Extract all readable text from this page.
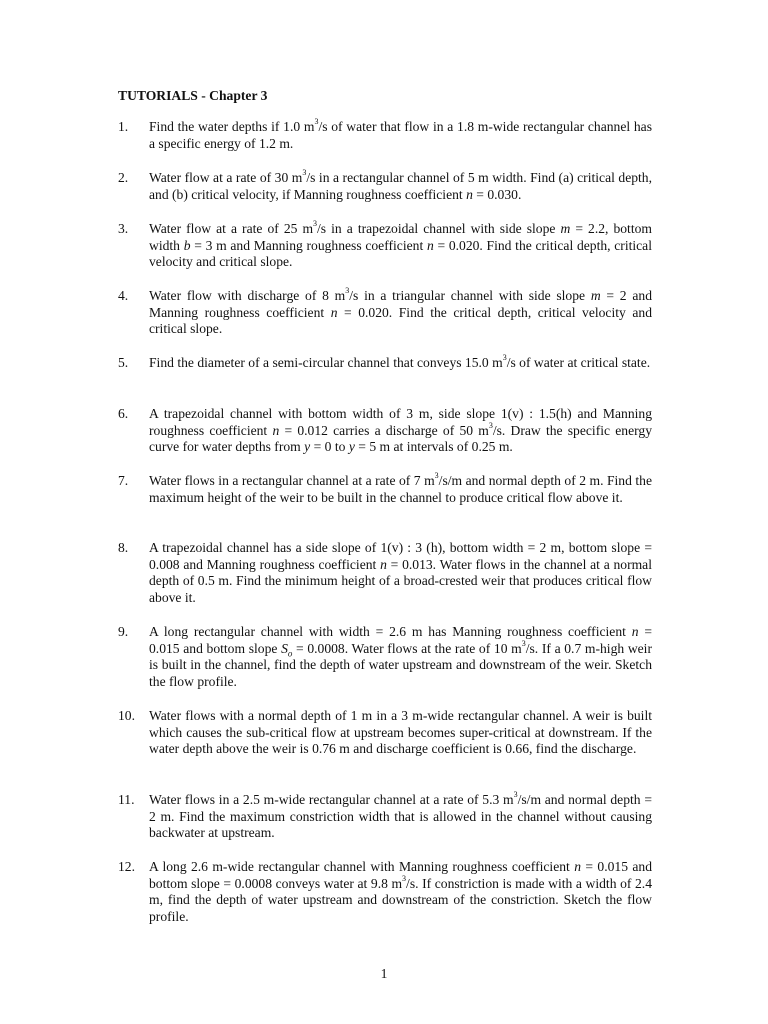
TUTORIALS - Chapter 3
1.	Find the water depths if 1.0 $m^3/s$ of water that flow in a 1.8 m-wide rectangular channel has a specific energy of 1.2 m.
2.	Water flow at a rate of 30 $m^3/s$ in a rectangular channel of 5 m width. Find (a) critical depth, and (b) critical velocity, if Manning roughness coefficient n = 0.030.
3.	Water flow at a rate of 25 $m^3/s$ in a trapezoidal channel with side slope m = 2.2, bottom width b = 3 m and Manning roughness coefficient n = 0.020. Find the critical depth, critical velocity and critical slope.
4.	Water flow with discharge of 8 $m^3/s$ in a triangular channel with side slope m = 2 and Manning roughness coefficient n = 0.020. Find the critical depth, critical velocity and critical slope.
5.	Find the diameter of a semi-circular channel that conveys 15.0 $m^3/s$ of water at critical state.
6.	A trapezoidal channel with bottom width of 3 m, side slope 1(v) : 1.5(h) and Manning roughness coefficient n = 0.012 carries a discharge of 50 $m^3/s$. Draw the specific energy curve for water depths from y = 0 to y = 5 m at intervals of 0.25 m.
7.	Water flows in a rectangular channel at a rate of 7 $m^3/s/m$ and normal depth of 2 m. Find the maximum height of the weir to be built in the channel to produce critical flow above it.
8.	A trapezoidal channel has a side slope of 1(v) : 3 (h), bottom width = 2 m, bottom slope = 0.008 and Manning roughness coefficient n = 0.013. Water flows in the channel at a normal depth of 0.5 m. Find the minimum height of a broad-crested weir that produces critical flow above it.
9.	A long rectangular channel with width = 2.6 m has Manning roughness coefficient n = 0.015 and bottom slope $S_o = 0.0008$. Water flows at the rate of 10 $m^3/s$. If a 0.7 m-high weir is built in the channel, find the depth of water upstream and downstream of the weir. Sketch the flow profile.
10.	Water flows with a normal depth of 1 m in a 3 m-wide rectangular channel. A weir is built which causes the sub-critical flow at upstream becomes super-critical at downstream. If the water depth above the weir is 0.76 m and discharge coefficient is 0.66, find the discharge.
11.	Water flows in a 2.5 m-wide rectangular channel at a rate of 5.3 $m^3/s/m$ and normal depth = 2 m. Find the maximum constriction width that is allowed in the channel without causing backwater at upstream.
12.	A long 2.6 m-wide rectangular channel with Manning roughness coefficient n = 0.015 and bottom slope = 0.0008 conveys water at 9.8 $m^3/s$. If constriction is made with a width of 2.4 m, find the depth of water upstream and downstream of the constriction. Sketch the flow profile.
1
